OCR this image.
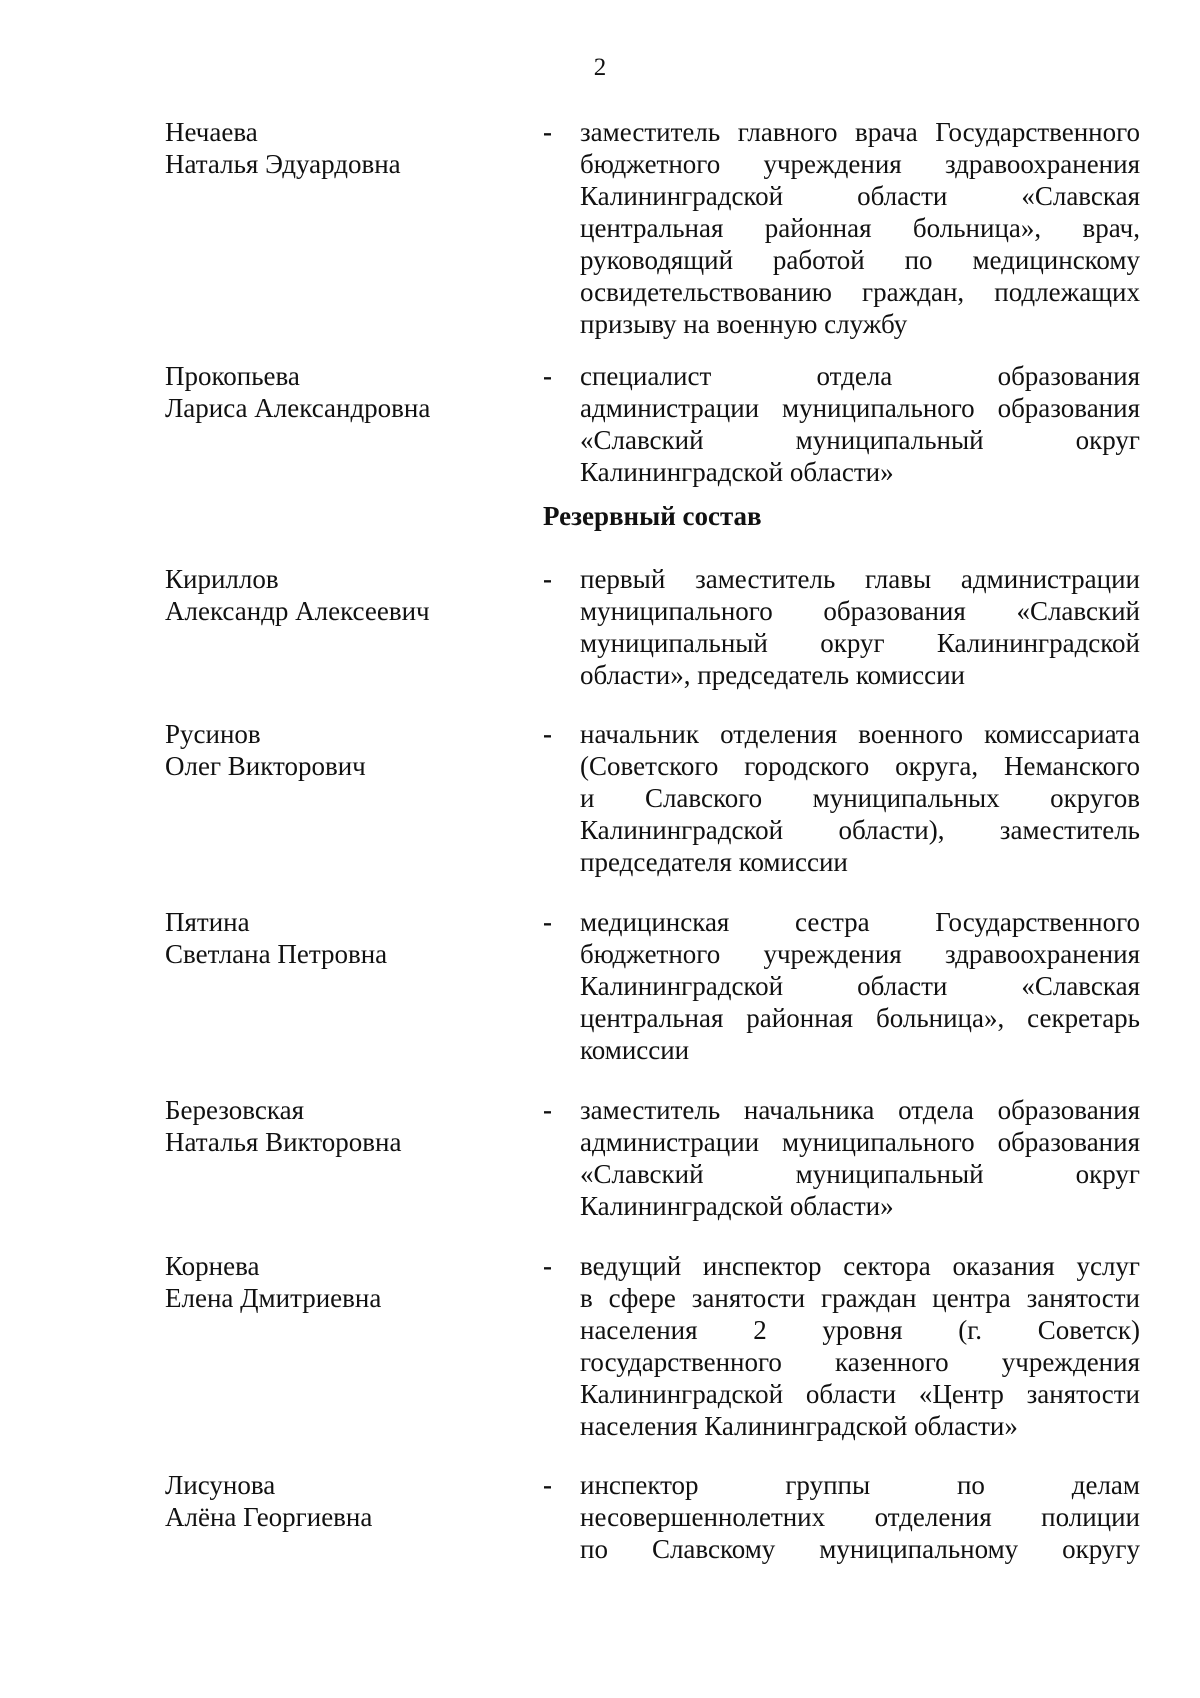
2
Нечаева
Наталья Эдуардовна
- заместитель главного врача Государственного
бюджетного учреждения здравоохранения
Калининградской области «Славская
центральная районная больница», врач,
руководящий работой по медицинскому
освидетельствованию граждан, подлежащих
призыву на военную службу
Прокопьева
Лариса Александровна
- специалист отдела образования
администрации муниципального образования
«Славский муниципальный округ
Калининградской области»
Резервный состав
Кириллов
Александр Алексеевич
- первый заместитель главы администрации
муниципального образования «Славский
муниципальный округ Калининградской
области», председатель комиссии
Русинов
Олег Викторович
- начальник отделения военного комиссариата
(Советского городского округа, Неманского
и Славского муниципальных округов
Калининградской области), заместитель
председателя комиссии
Пятина
Светлана Петровна
- медицинская сестра Государственного
бюджетного учреждения здравоохранения
Калининградской области «Славская
центральная районная больница», секретарь
комиссии
Березовская
Наталья Викторовна
- заместитель начальника отдела образования
администрации муниципального образования
«Славский муниципальный округ
Калининградской области»
Корнева
Елена Дмитриевна
- ведущий инспектор сектора оказания услуг
в сфере занятости граждан центра занятости
населения 2 уровня (г. Советск)
государственного казенного учреждения
Калининградской области «Центр занятости
населения Калининградской области»
Лисунова
Алёна Георгиевна
- инспектор группы по делам
несовершеннолетних отделения полиции
по Славскому муниципальному округу
